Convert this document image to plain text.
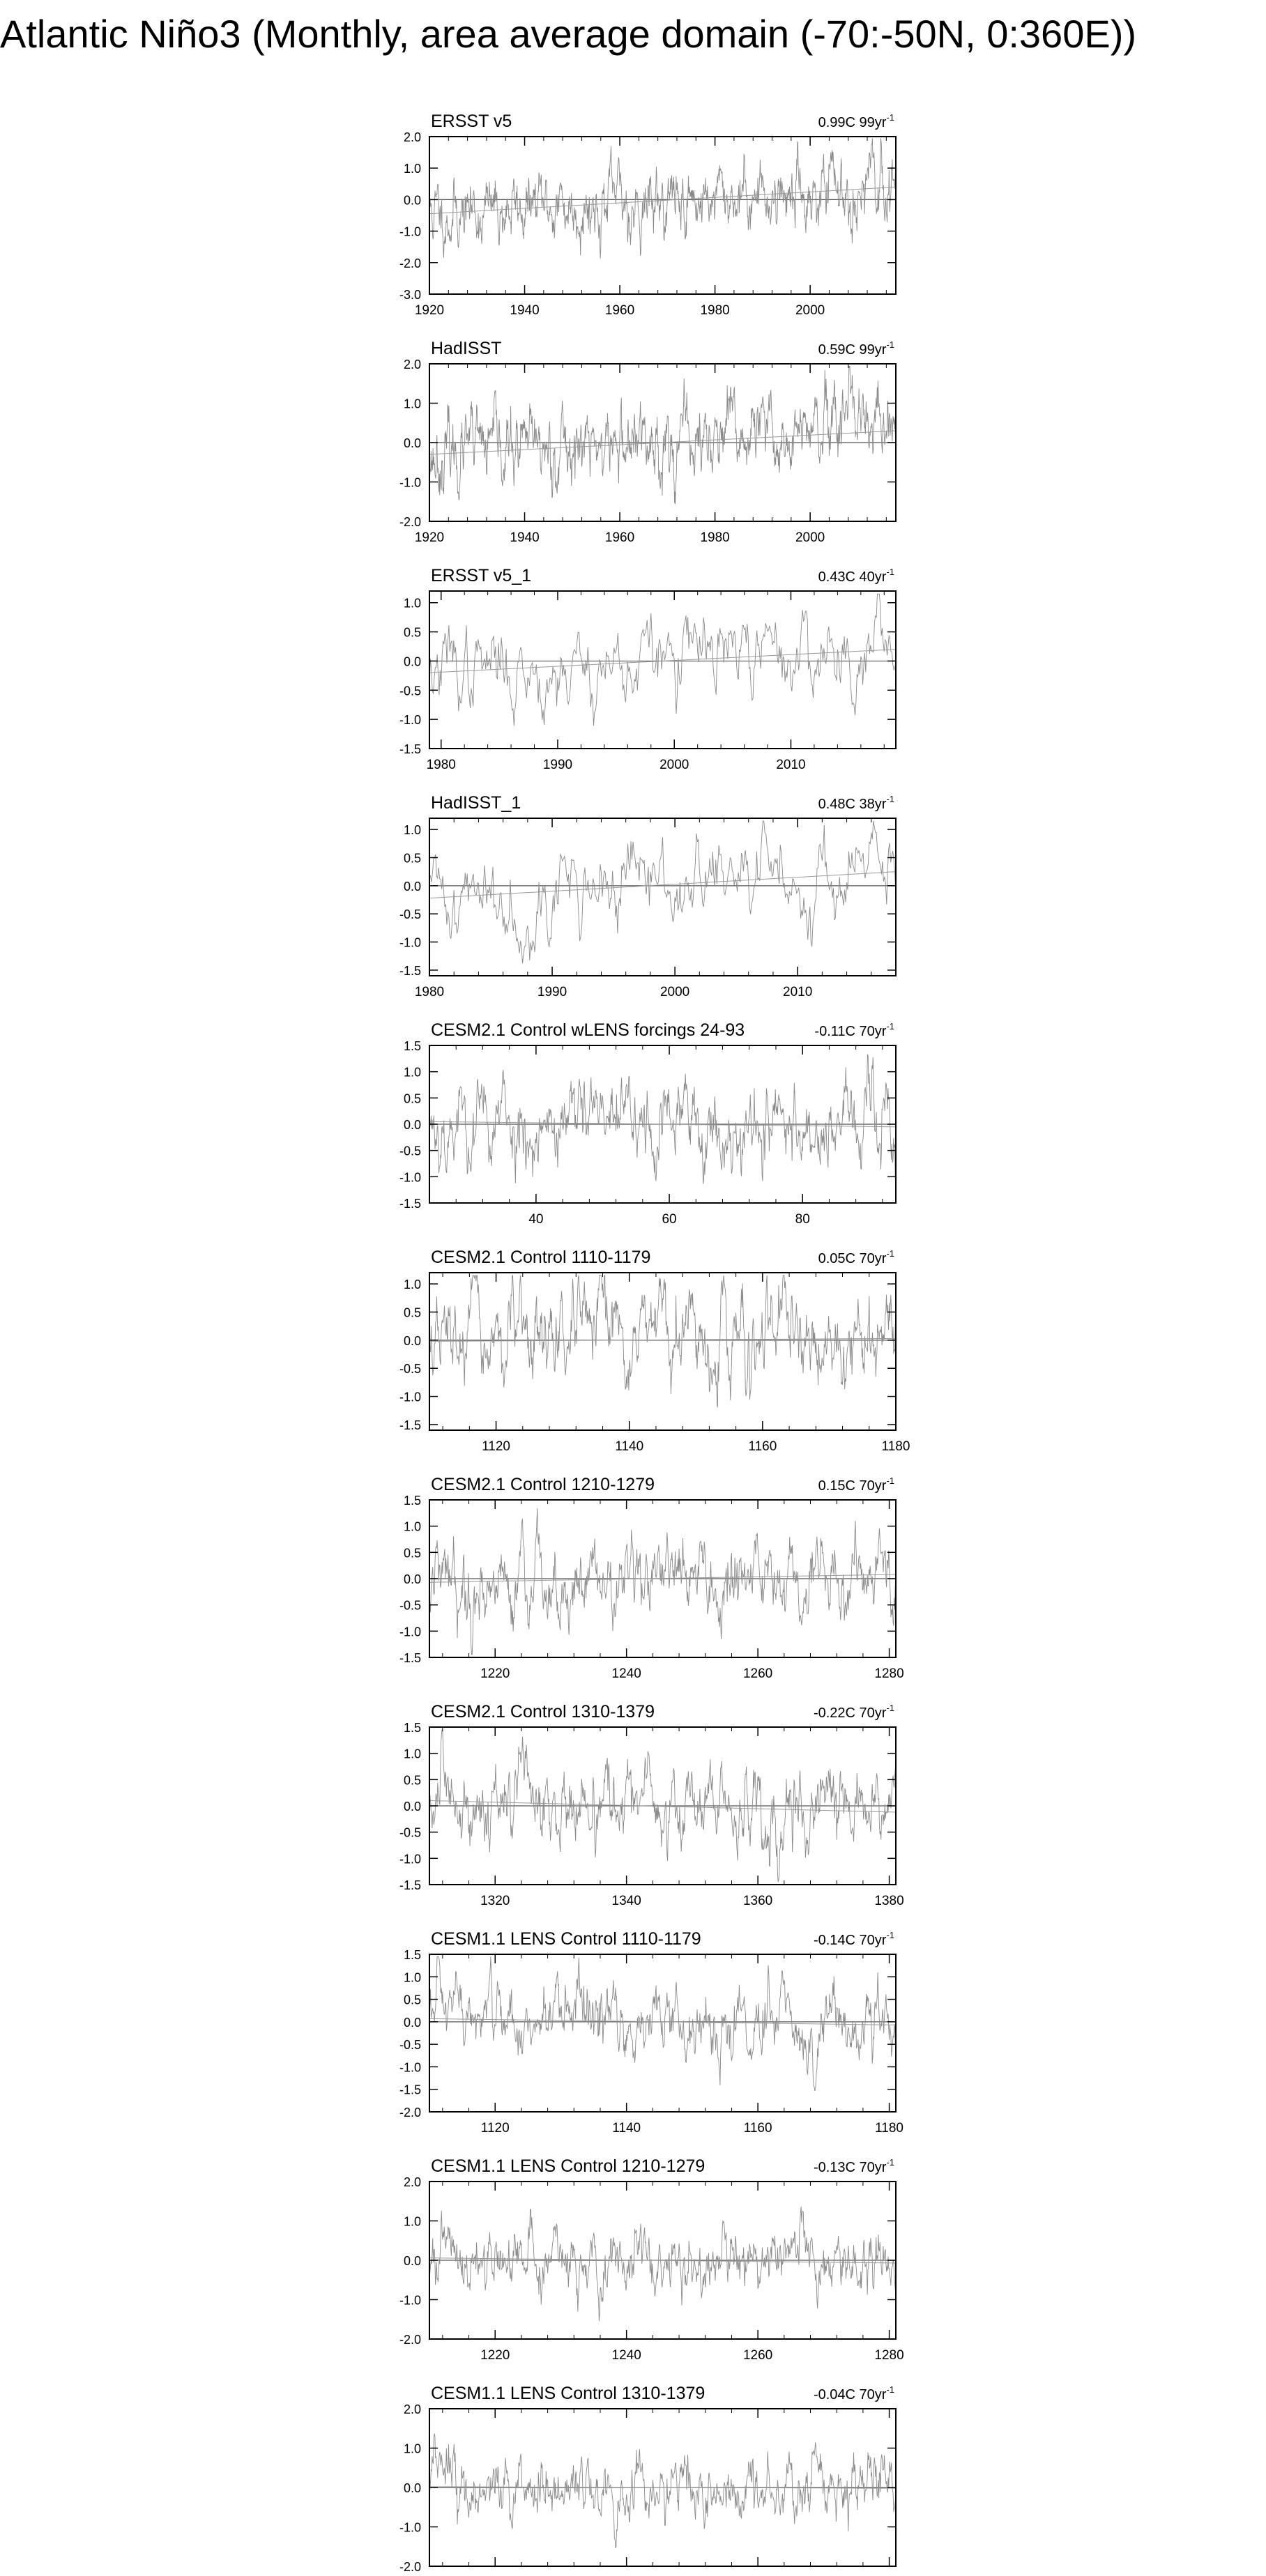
Atlantic Niño3 (Monthly, area average domain (-70:-50N, 0:360E))
ERSST v5	0.99C $99yr^{-1}$
1920	1940	1960	1980	2000
2.0
1.0
0.0
-1.0
-2.0
-3.0
HadISST	0.59C $99yr^{-1}$
1920	1940	1960	1980	2000
2.0
1.0
0.0
-1.0
-2.0
ERSST v5_1	0.43C $40yr^{-1}$
1980	1990	2000	2010
1.0
0.5
0.0
-0.5
-1.0
-1.5
HadISST_1	0.48C $38yr^{-1}$
1980	1990	2000	2010
1.0
0.5
0.0
-0.5
-1.0
-1.5
CESM2.1 Control wLENS forcings 24-93	-0.11C $70yr^{-1}$
40	60	80
1.5
1.0
0.5
0.0
-0.5
-1.0
-1.5
CESM2.1 Control 1110-1179	0.05C $70yr^{-1}$
1120	1140	1160	1180
1.0
0.5
0.0
-0.5
-1.0
-1.5
CESM2.1 Control 1210-1279	0.15C $70yr^{-1}$
1220	1240	1260	1280
1.5
1.0
0.5
0.0
-0.5
-1.0
-1.5
CESM2.1 Control 1310-1379	-0.22C $70yr^{-1}$
1320	1340	1360	1380
1.5
1.0
0.5
0.0
-0.5
-1.0
-1.5
CESM1.1 LENS Control 1110-1179	-0.14C $70yr^{-1}$
1120	1140	1160	1180
1.5
1.0
0.5
0.0
-0.5
-1.0
-1.5
-2.0
CESM1.1 LENS Control 1210-1279	-0.13C $70yr^{-1}$
1220	1240	1260	1280
2.0
1.0
0.0
-1.0
-2.0
CESM1.1 LENS Control 1310-1379	-0.04C $70yr^{-1}$
2.0
1.0
0.0
-1.0
-2.0
